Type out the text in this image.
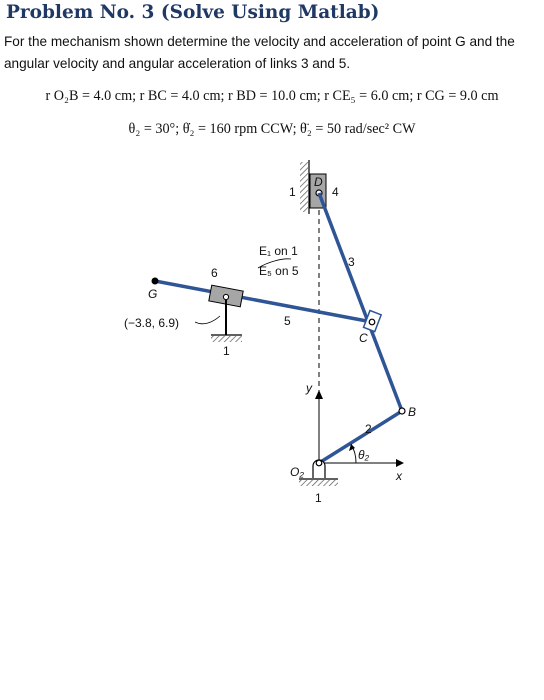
Problem No. 3 (Solve Using Matlab)
For the mechanism shown determine the velocity and acceleration of point G and the angular velocity and angular acceleration of links 3 and 5.
r O₂B = 4.0 cm; r BC = 4.0 cm; r BD = 10.0 cm; r CE₅ = 6.0 cm; r CG = 9.0 cm
θ₂ = 30°; θ̇₂ = 160 rpm CCW; θ̈₂ = 50 rad/sec² CW
1
D
4
E₁ on 1
E₅ on 5
3
6
G
(−3.8, 6.9)	5
C
1
y
x
2
θ₂
B
O₂
1
